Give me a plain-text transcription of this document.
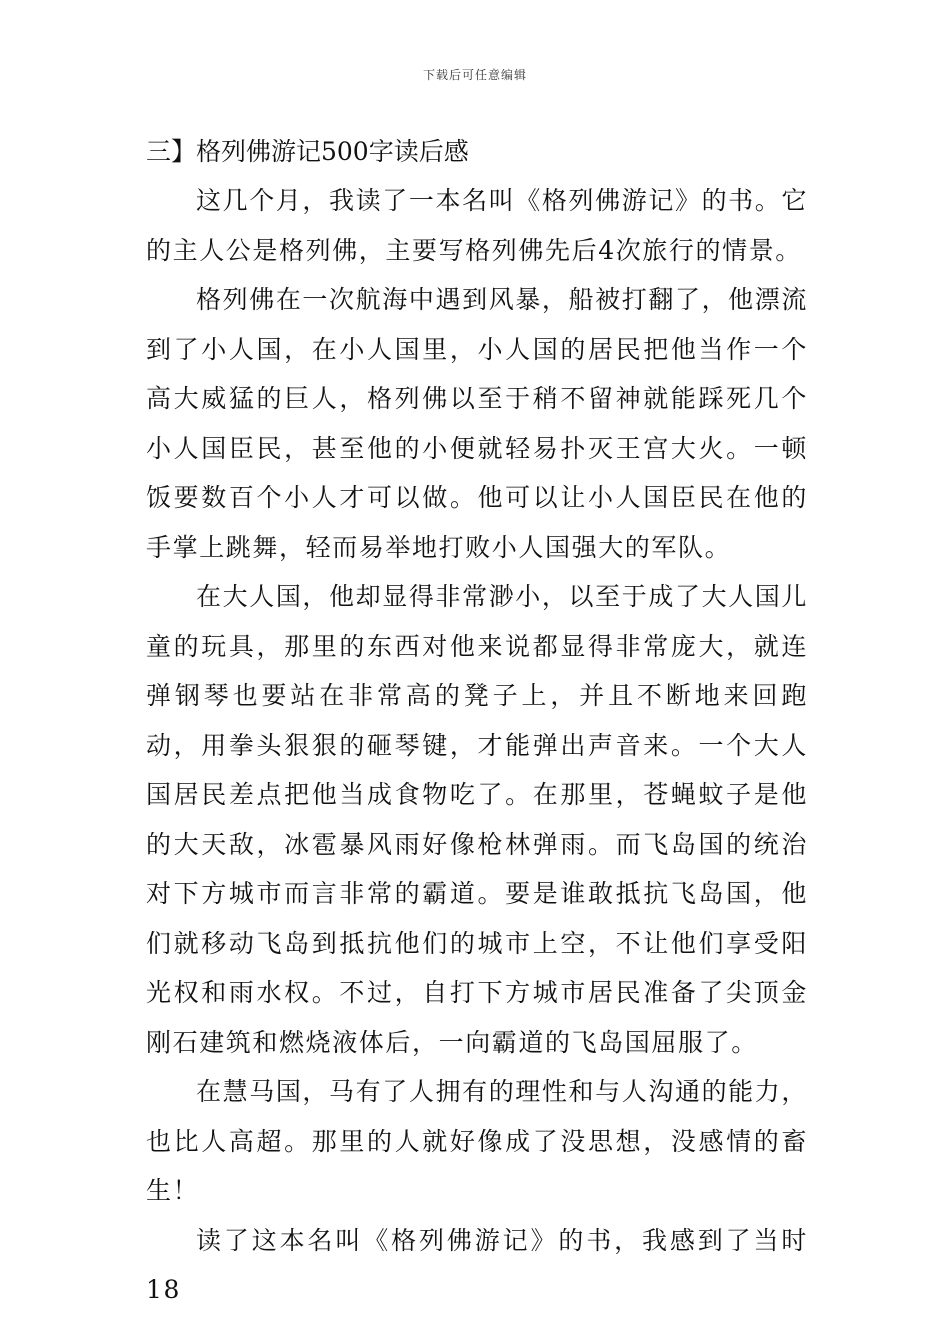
下载后可任意编辑
三】格列佛游记500字读后感

这几个月，我读了一本名叫《格列佛游记》的书。它的主人公是格列佛，主要写格列佛先后4次旅行的情景。

格列佛在一次航海中遇到风暴，船被打翻了，他漂流到了小人国，在小人国里，小人国的居民把他当作一个高大威猛的巨人，格列佛以至于稍不留神就能踩死几个小人国臣民，甚至他的小便就轻易扑灭王宫大火。一顿饭要数百个小人才可以做。他可以让小人国臣民在他的手掌上跳舞，轻而易举地打败小人国强大的军队。

在大人国，他却显得非常渺小，以至于成了大人国儿童的玩具，那里的东西对他来说都显得非常庞大，就连弹钢琴也要站在非常高的凳子上，并且不断地来回跑动，用拳头狠狠的砸琴键，才能弹出声音来。一个大人国居民差点把他当成食物吃了。在那里，苍蝇蚊子是他的大天敌，冰雹暴风雨好像枪林弹雨。而飞岛国的统治对下方城市而言非常的霸道。要是谁敢抵抗飞岛国，他们就移动飞岛到抵抗他们的城市上空，不让他们享受阳光权和雨水权。不过，自打下方城市居民准备了尖顶金刚石建筑和燃烧液体后，一向霸道的飞岛国屈服了。

在慧马国，马有了人拥有的理性和与人沟通的能力，也比人高超。那里的人就好像成了没思想，没感情的畜生！

读了这本名叫《格列佛游记》的书，我感到了当时18
